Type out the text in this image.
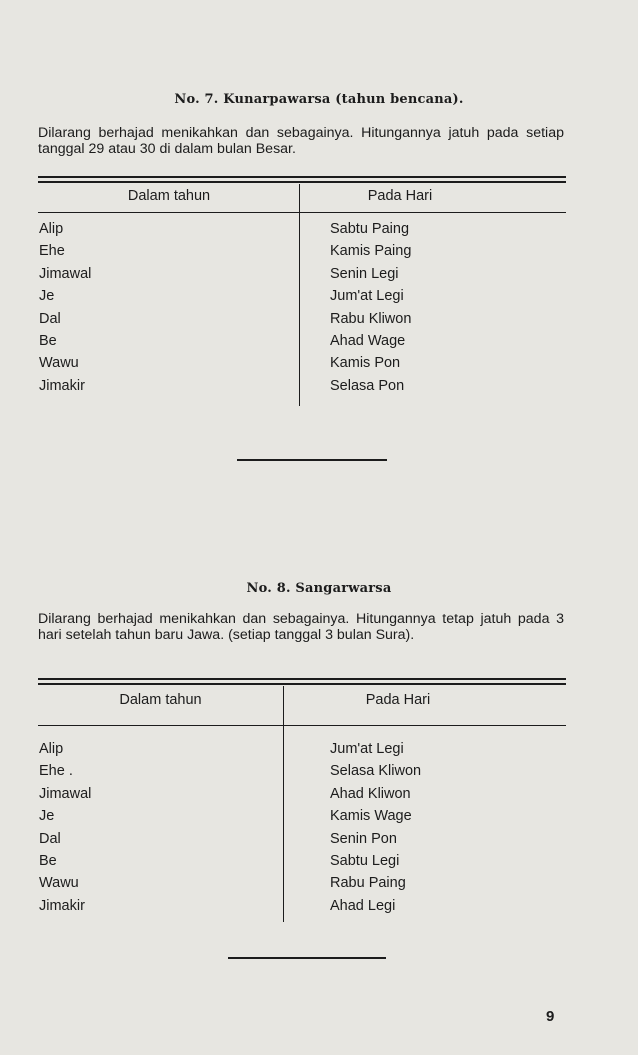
No. 7. Kunarpawarsa (tahun bencana).
Dilarang berhajad menikahkan dan sebagainya. Hitungannya jatuh pada setiap tanggal 29 atau 30 di dalam bulan Besar.
Dalam tahun	Pada Hari
Alip
Ehe
Jimawal
Je
Dal
Be
Wawu
Jimakir
Sabtu Paing
Kamis Paing
Senin Legi
Jum'at Legi
Rabu Kliwon
Ahad Wage
Kamis Pon
Selasa Pon
No. 8. Sangarwarsa
Dilarang berhajad menikahkan dan sebagainya. Hitungannya tetap jatuh pada 3 hari setelah tahun baru Jawa. (setiap tanggal 3 bulan Sura).
Dalam tahun	Pada Hari
Alip
Ehe .
Jimawal
Je
Dal
Be
Wawu
Jimakir
Jum'at Legi
Selasa Kliwon
Ahad Kliwon
Kamis Wage
Senin Pon
Sabtu Legi
Rabu Paing
Ahad Legi
9
